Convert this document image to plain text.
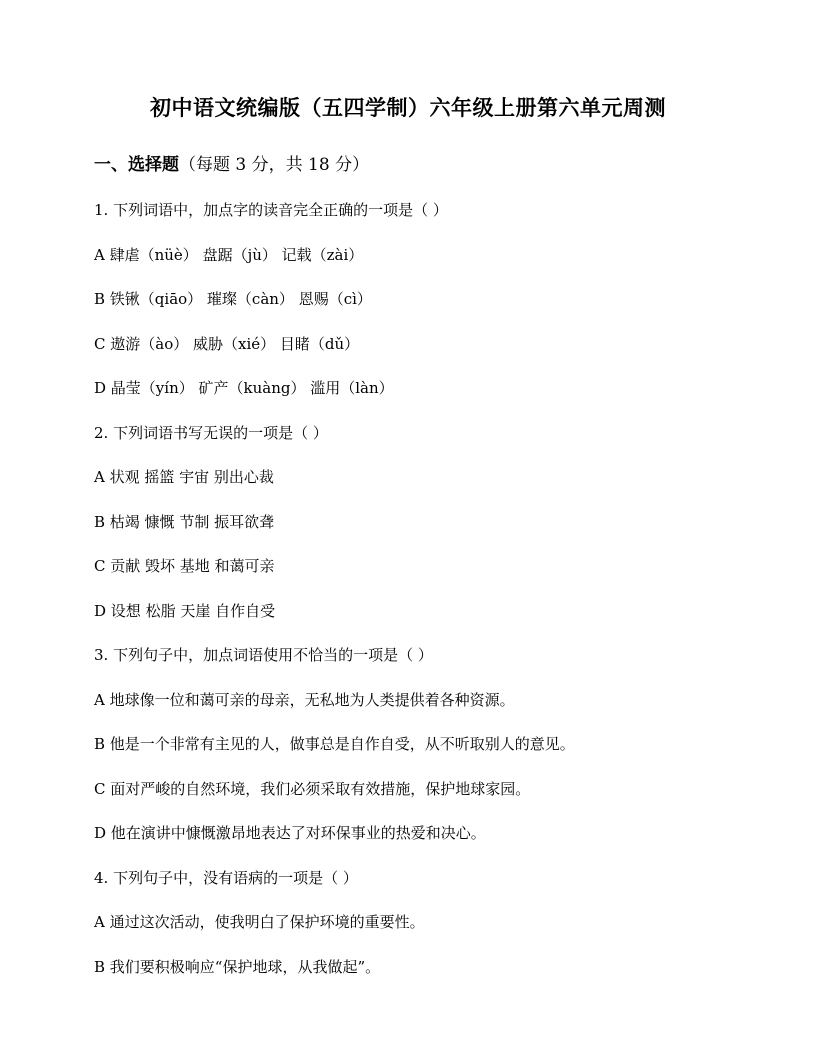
初中语文统编版（五四学制）六年级上册第六单元周测
一、选择题（每题 3 分，共 18 分）
1. 下列词语中，加点字的读音完全正确的一项是（ ）
A 肆虐（nüè） 盘踞（jù） 记载（zài）
B 铁锹（qiāo） 璀璨（càn） 恩赐（cì）
C 遨游（ào） 威胁（xié） 目睹（dǔ）
D 晶莹（yín） 矿产（kuàng） 滥用（làn）
2. 下列词语书写无误的一项是（ ）
A 状观 摇篮 宇宙 别出心裁
B 枯竭 慷慨 节制 振耳欲聋
C 贡献 毁坏 基地 和蔼可亲
D 设想 松脂 天崖 自作自受
3. 下列句子中，加点词语使用不恰当的一项是（ ）
A 地球像一位和蔼可亲的母亲，无私地为人类提供着各种资源。
B 他是一个非常有主见的人，做事总是自作自受，从不听取别人的意见。
C 面对严峻的自然环境，我们必须采取有效措施，保护地球家园。
D 他在演讲中慷慨激昂地表达了对环保事业的热爱和决心。
4. 下列句子中，没有语病的一项是（ ）
A 通过这次活动，使我明白了保护环境的重要性。
B 我们要积极响应“保护地球，从我做起”。
